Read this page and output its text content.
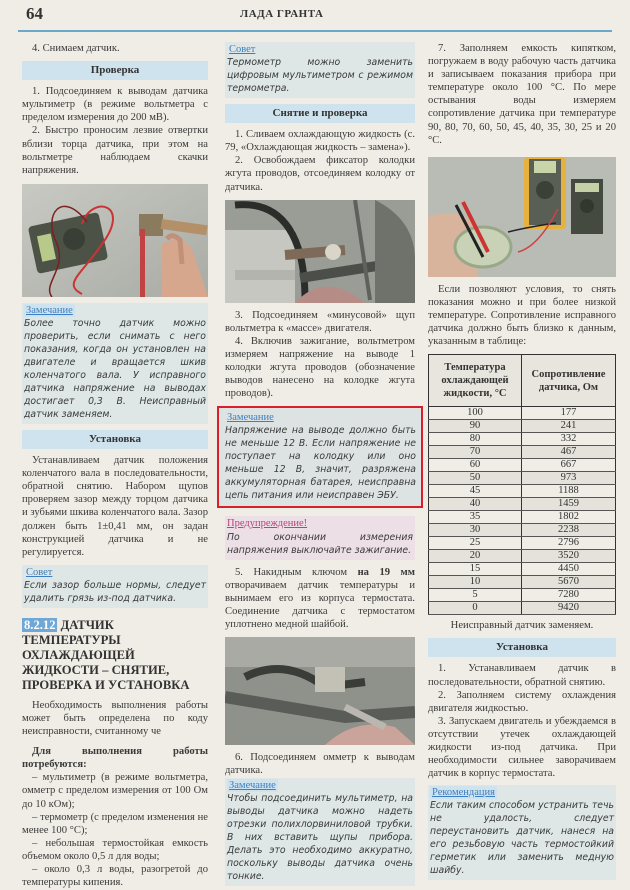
64	ЛАДА ГРАНТА

4. Снимаем датчик.

Проверка

1. Подсоединяем к выводам датчика мультиметр (в режиме вольтметра с пределом измерения до 200 мВ).

2. Быстро проносим лезвие отвертки вблизи торца датчика, при этом на вольтметре наблюдаем скачки напряжения.

Замечание
Более точно датчик можно проверить, если снимать с него показания, когда он установлен на двигателе и вращается шкив коленчатого вала. У исправного датчика напряжение на выводах достигает 0,3 В. Неисправный датчик заменяем.
Установка

Устанавливаем датчик положения коленчатого вала в последовательности, обратной снятию. Набором щупов проверяем зазор между торцом датчика и зубьями шкива коленчатого вала. Зазор должен быть 1±0,41 мм, он задан конструкцией датчика и не регулируется.

Совет
Если зазор больше нормы, следует удалить грязь из-под датчика.
8.2.12 ДАТЧИК ТЕМПЕРАТУРЫ ОХЛАЖДАЮЩЕЙ ЖИДКОСТИ – СНЯТИЕ, ПРОВЕРКА И УСТАНОВКА

Необходимость выполнения работы может быть определена по коду неисправности, считанному че

Для выполнения работы потребуются:

– мультиметр (в режиме вольтметра, омметр с пределом измерения от 100 Ом до 10 кОм);

– термометр (с пределом изменения не менее 100 °С);

– небольшая термостойкая емкость объемом около 0,5 л для воды;

– около 0,3 л воды, разогретой до температуры кипения.

Совет
Термометр можно заменить цифровым мультиметром с режимом термометра.
Снятие и проверка

1. Сливаем охлаждающую жидкость (с. 79, «Охлаждающая жидкость – замена»).

2. Освобождаем фиксатор колодки жгута проводов, отсоединяем колодку от датчика.

3. Подсоединяем «минусовой» щуп вольтметра к «массе» двигателя.

4. Включив зажигание, вольтметром измеряем напряжение на выводе 1 колодки жгута проводов (обозначение выводов нанесено на колодке жгута проводов).

Замечание
Напряжение на выводе должно быть не меньше 12 В. Если напряжение не поступает на колодку или оно меньше 12 В, значит, разряжена аккумуляторная батарея, неисправна цепь питания или неисправен ЭБУ.
Предупреждение!
По окончании измерения напряжения выключайте зажигание.

5. Накидным ключом на 19 мм отворачиваем датчик температуры и вынимаем его из корпуса термостата. Соединение датчика с термостатом уплотнено медной шайбой.

6. Подсоединяем омметр к выводам датчика.

Замечание
Чтобы подсоединить мультиметр, на выводы датчика можно надеть отрезки полихлорвиниловой трубки. В них вставить щупы прибора. Делать это необходимо аккуратно, поскольку выводы датчика очень тонкие.

7. Заполняем емкость кипятком, погружаем в воду рабочую часть датчика и записываем показания прибора при температуре около 100 °С. По мере остывания воды измеряем сопротивление датчика при температуре 90, 80, 70, 60, 50, 45, 40, 35, 30, 25 и 20 °С.

Если позволяют условия, то снять показания можно и при более низкой температуре. Сопротивление исправного датчика должно быть близко к данным, указанным в таблице:

Температура охлаждающей жидкости, °С	Сопротивление датчика, Ом
100	177
90	241
80	332
70	467
60	667
50	973
45	1188
40	1459
35	1802
30	2238
25	2796
20	3520
15	4450
10	5670
5	7280
0	9420

Неисправный датчик заменяем.

Установка

1. Устанавливаем датчик в последовательности, обратной снятию.

2. Заполняем систему охлаждения двигателя жидкостью.

3. Запускаем двигатель и убеждаемся в отсутствии утечек охлаждающей жидкости из-под датчика. При необходимости сильнее заворачиваем датчик в корпус термостата.

Рекомендация
Если таким способом устранить течь не удалость, следует переустановить датчик, нанеся на его резьбовую часть термостойкий герметик или заменить медную шайбу.
